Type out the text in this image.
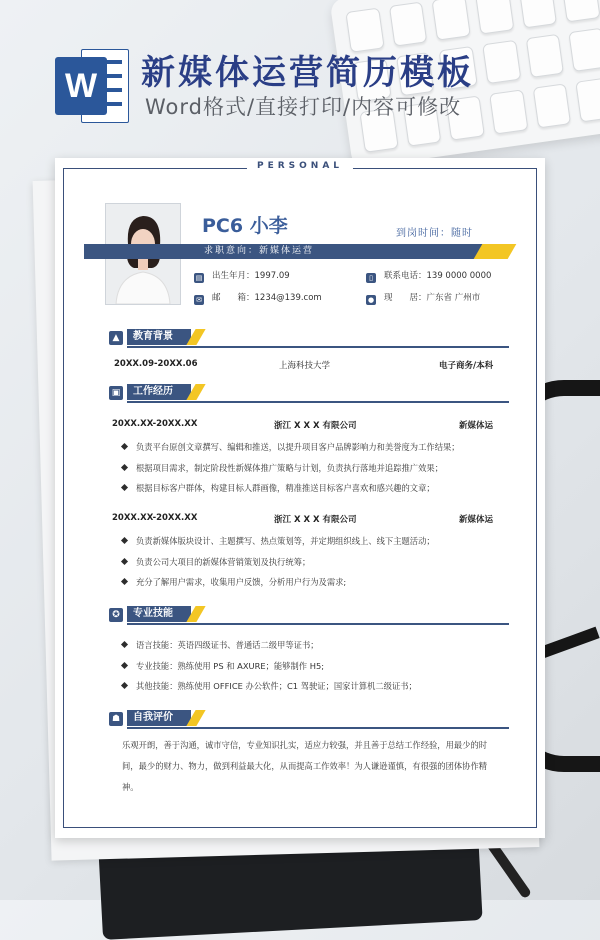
W 新媒体运营简历模板
Word格式/直接打印/内容可修改
PERSONAL
PC6 小李	到岗时间：随时
求职意向：新媒体运营
▤ 出生年月：1997.09	▯ 联系电话：139 0000 0000
✉ 邮　　箱：1234@139.com	● 现　　居：广东省 广州市
▲	教育背景
20XX.09-20XX.06	上海科技大学	电子商务/本科
▣	工作经历
20XX.XX-20XX.XX	浙江 X X X 有限公司	新媒体运
负责平台原创文章撰写、编辑和推送，以提升项目客户品牌影响力和美誉度为工作结果；
根据项目需求，制定阶段性新媒体推广策略与计划，负责执行落地并追踪推广效果；
根据目标客户群体，构建目标人群画像，精准推送目标客户喜欢和感兴趣的文章；
20XX.XX-20XX.XX	浙江 X X X 有限公司	新媒体运
负责新媒体版块设计、主题撰写、热点策划等，并定期组织线上、线下主题活动；
负责公司大项目的新媒体营销策划及执行统筹；
充分了解用户需求，收集用户反馈，分析用户行为及需求;
✪	专业技能
语言技能：英语四级证书、普通话二级甲等证书；
专业技能：熟练使用 PS 和 AXURE；能够制作 H5;
其他技能：熟练使用 OFFICE 办公软件；C1 驾驶证；国家计算机二级证书；
☗	自我评价
乐观开朗，善于沟通，诚市守信，专业知识扎实，适应力较强，并且善于总结工作经验，用最少的时间，最少的财力、物力，做到利益最大化，从而提高工作效率！为人谦逊谨慎，有很强的团体协作精神。
